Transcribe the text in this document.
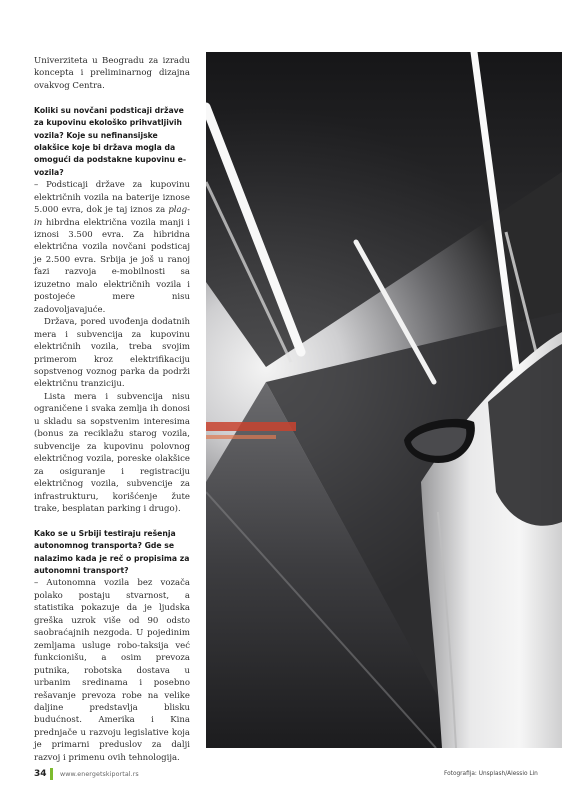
Univerziteta u Beogradu za izradu koncepta i preliminarnog dizajna ovakvog Centra.

Koliki su novčani podsticaji države za kupovinu ekološko prihvatljivih vozila? Koje su nefinansijske olakšice koje bi država mogla da omogući da podstakne kupovinu e-vozila?

– Podsticaji države za kupovinu električnih vozila na baterije iznose 5.000 evra, dok je taj iznos za plag-in hibrdna električna vozila manji i iznosi 3.500 evra. Za hibridna električna vozila novčani podsticaj je 2.500 evra. Srbija je još u ranoj fazi razvoja e-mobilnosti sa izuzetno malo električnih vozila i postojeće mere nisu zadovoljavajuće.

Država, pored uvođenja dodatnih mera i subvencija za kupovinu električnih vozila, treba svojim primerom kroz elektrifikaciju sopstvenog voznog parka da podrži električnu tranziciju.

Lista mera i subvencija nisu ograničene i svaka zemlja ih donosi u skladu sa sopstvenim interesima (bonus za reciklažu starog vozila, subvencije za kupovinu polovnog električnog vozila, poreske olakšice za osiguranje i registraciju električnog vozila, subvencije za infrastrukturu, korišćenje žute trake, besplatan parking i drugo).

Kako se u Srbiji testiraju rešenja autonomnog transporta? Gde se nalazimo kada je reč o propisima za autonomni transport?

– Autonomna vozila bez vozača polako postaju stvarnost, a statistika pokazuje da je ljudska greška uzrok više od 90 odsto saobraćajnih nezgoda. U pojedinim zemljama usluge robo-taksija već funkcionišu, a osim prevoza putnika, robotska dostava u urbanim sredinama i posebno rešavanje prevoza robe na velike daljine predstavlja blisku budućnost. Amerika i Kina prednjače u razvoju legislative koja je primarni preduslov za dalji razvoj i primenu ovih tehnologija.

34 www.energetskiportal.rs	Fotografija: Unsplash/Alessio Lin
